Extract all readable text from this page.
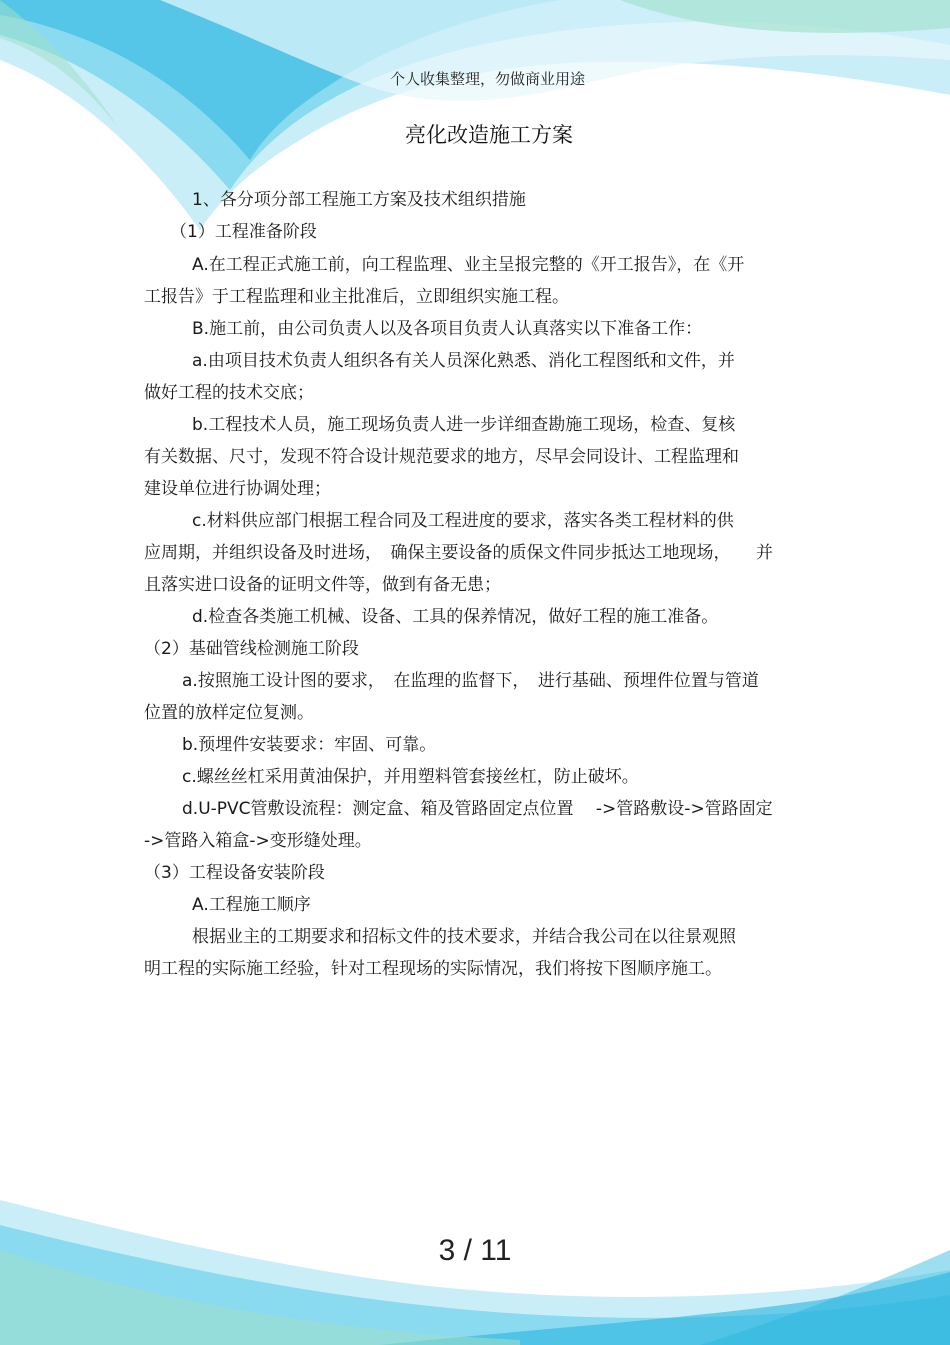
个人收集整理，勿做商业用途
亮化改造施工方案
1、各分项分部工程施工方案及技术组织措施
（1）工程准备阶段
A.在工程正式施工前，向工程监理、业主呈报完整的《开工报告》，在《开
工报告》于工程监理和业主批准后，立即组织实施工程。
B.施工前，由公司负责人以及各项目负责人认真落实以下准备工作：
a.由项目技术负责人组织各有关人员深化熟悉、消化工程图纸和文件，并
做好工程的技术交底；
b.工程技术人员，施工现场负责人进一步详细查勘施工现场，检查、复核
有关数据、尺寸，发现不符合设计规范要求的地方，尽早会同设计、工程监理和
建设单位进行协调处理；
c.材料供应部门根据工程合同及工程进度的要求，落实各类工程材料的供
应周期，并组织设备及时进场，　确保主要设备的质保文件同步抵达工地现场，　　并
且落实进口设备的证明文件等，做到有备无患；
d.检查各类施工机械、设备、工具的保养情况，做好工程的施工准备。
（2）基础管线检测施工阶段
a.按照施工设计图的要求，　在监理的监督下，　进行基础、预埋件位置与管道
位置的放样定位复测。
b.预埋件安装要求：牢固、可靠。
c.螺丝丝杠采用黄油保护，并用塑料管套接丝杠，防止破坏。
d.U-PVC管敷设流程：测定盒、箱及管路固定点位置　 ->管路敷设->管路固定
->管路入箱盒->变形缝处理。
（3）工程设备安装阶段
A.工程施工顺序
根据业主的工期要求和招标文件的技术要求，并结合我公司在以往景观照
明工程的实际施工经验，针对工程现场的实际情况，我们将按下图顺序施工。
3 / 11
